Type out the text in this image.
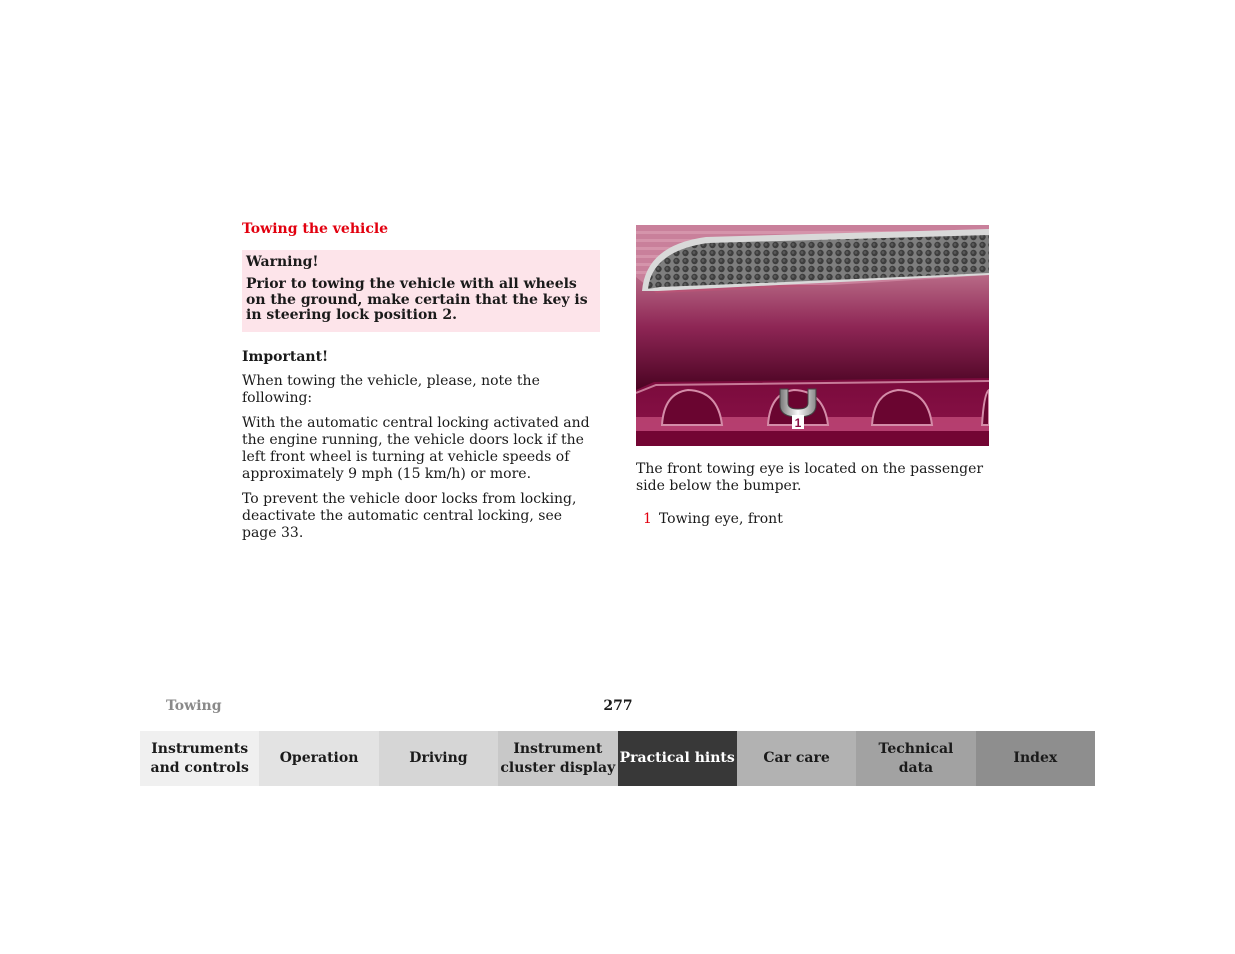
Towing the vehicle

Warning!

Prior to towing the vehicle with all wheels on the ground, make certain that the key is in steering lock position 2.

Important!

When towing the vehicle, please, note the following:

With the automatic central locking activated and the engine running, the vehicle doors lock if the left front wheel is turning at vehicle speeds of approximately 9 mph (15 km/h) or more.

To prevent the vehicle door locks from locking, deactivate the automatic central locking, see page 33.

1

The front towing eye is located on the passenger side below the bumper.

1 Towing eye, front

Towing	277
Instruments
and controls
Operation	Driving
Instrument
cluster display
Practical hints Car care
Technical
data
Index
